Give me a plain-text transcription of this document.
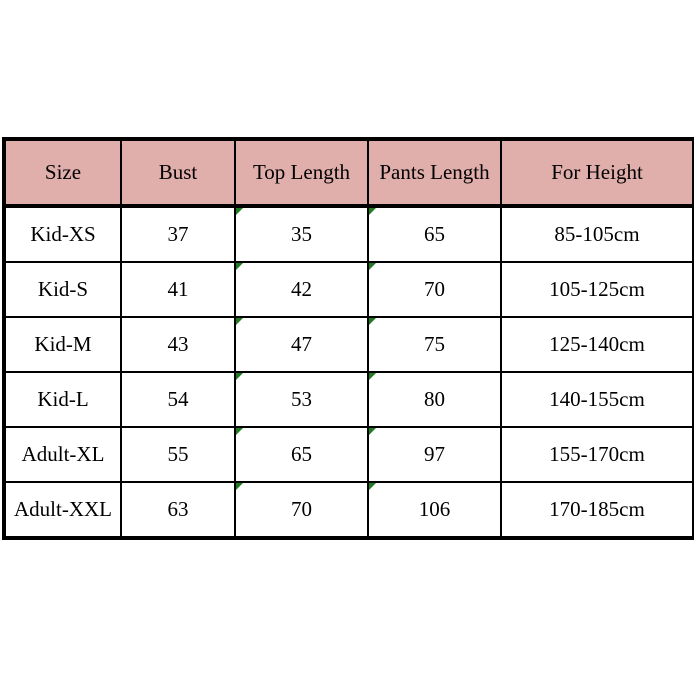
Size	Bust	Top Length	Pants Length	For Height
Kid-XS	37	35	65	85-105cm
Kid-S	41	42	70	105-125cm
Kid-M	43	47	75	125-140cm
Kid-L	54	53	80	140-155cm
Adult-XL	55	65	97	155-170cm
Adult-XXL	63	70	106	170-185cm
